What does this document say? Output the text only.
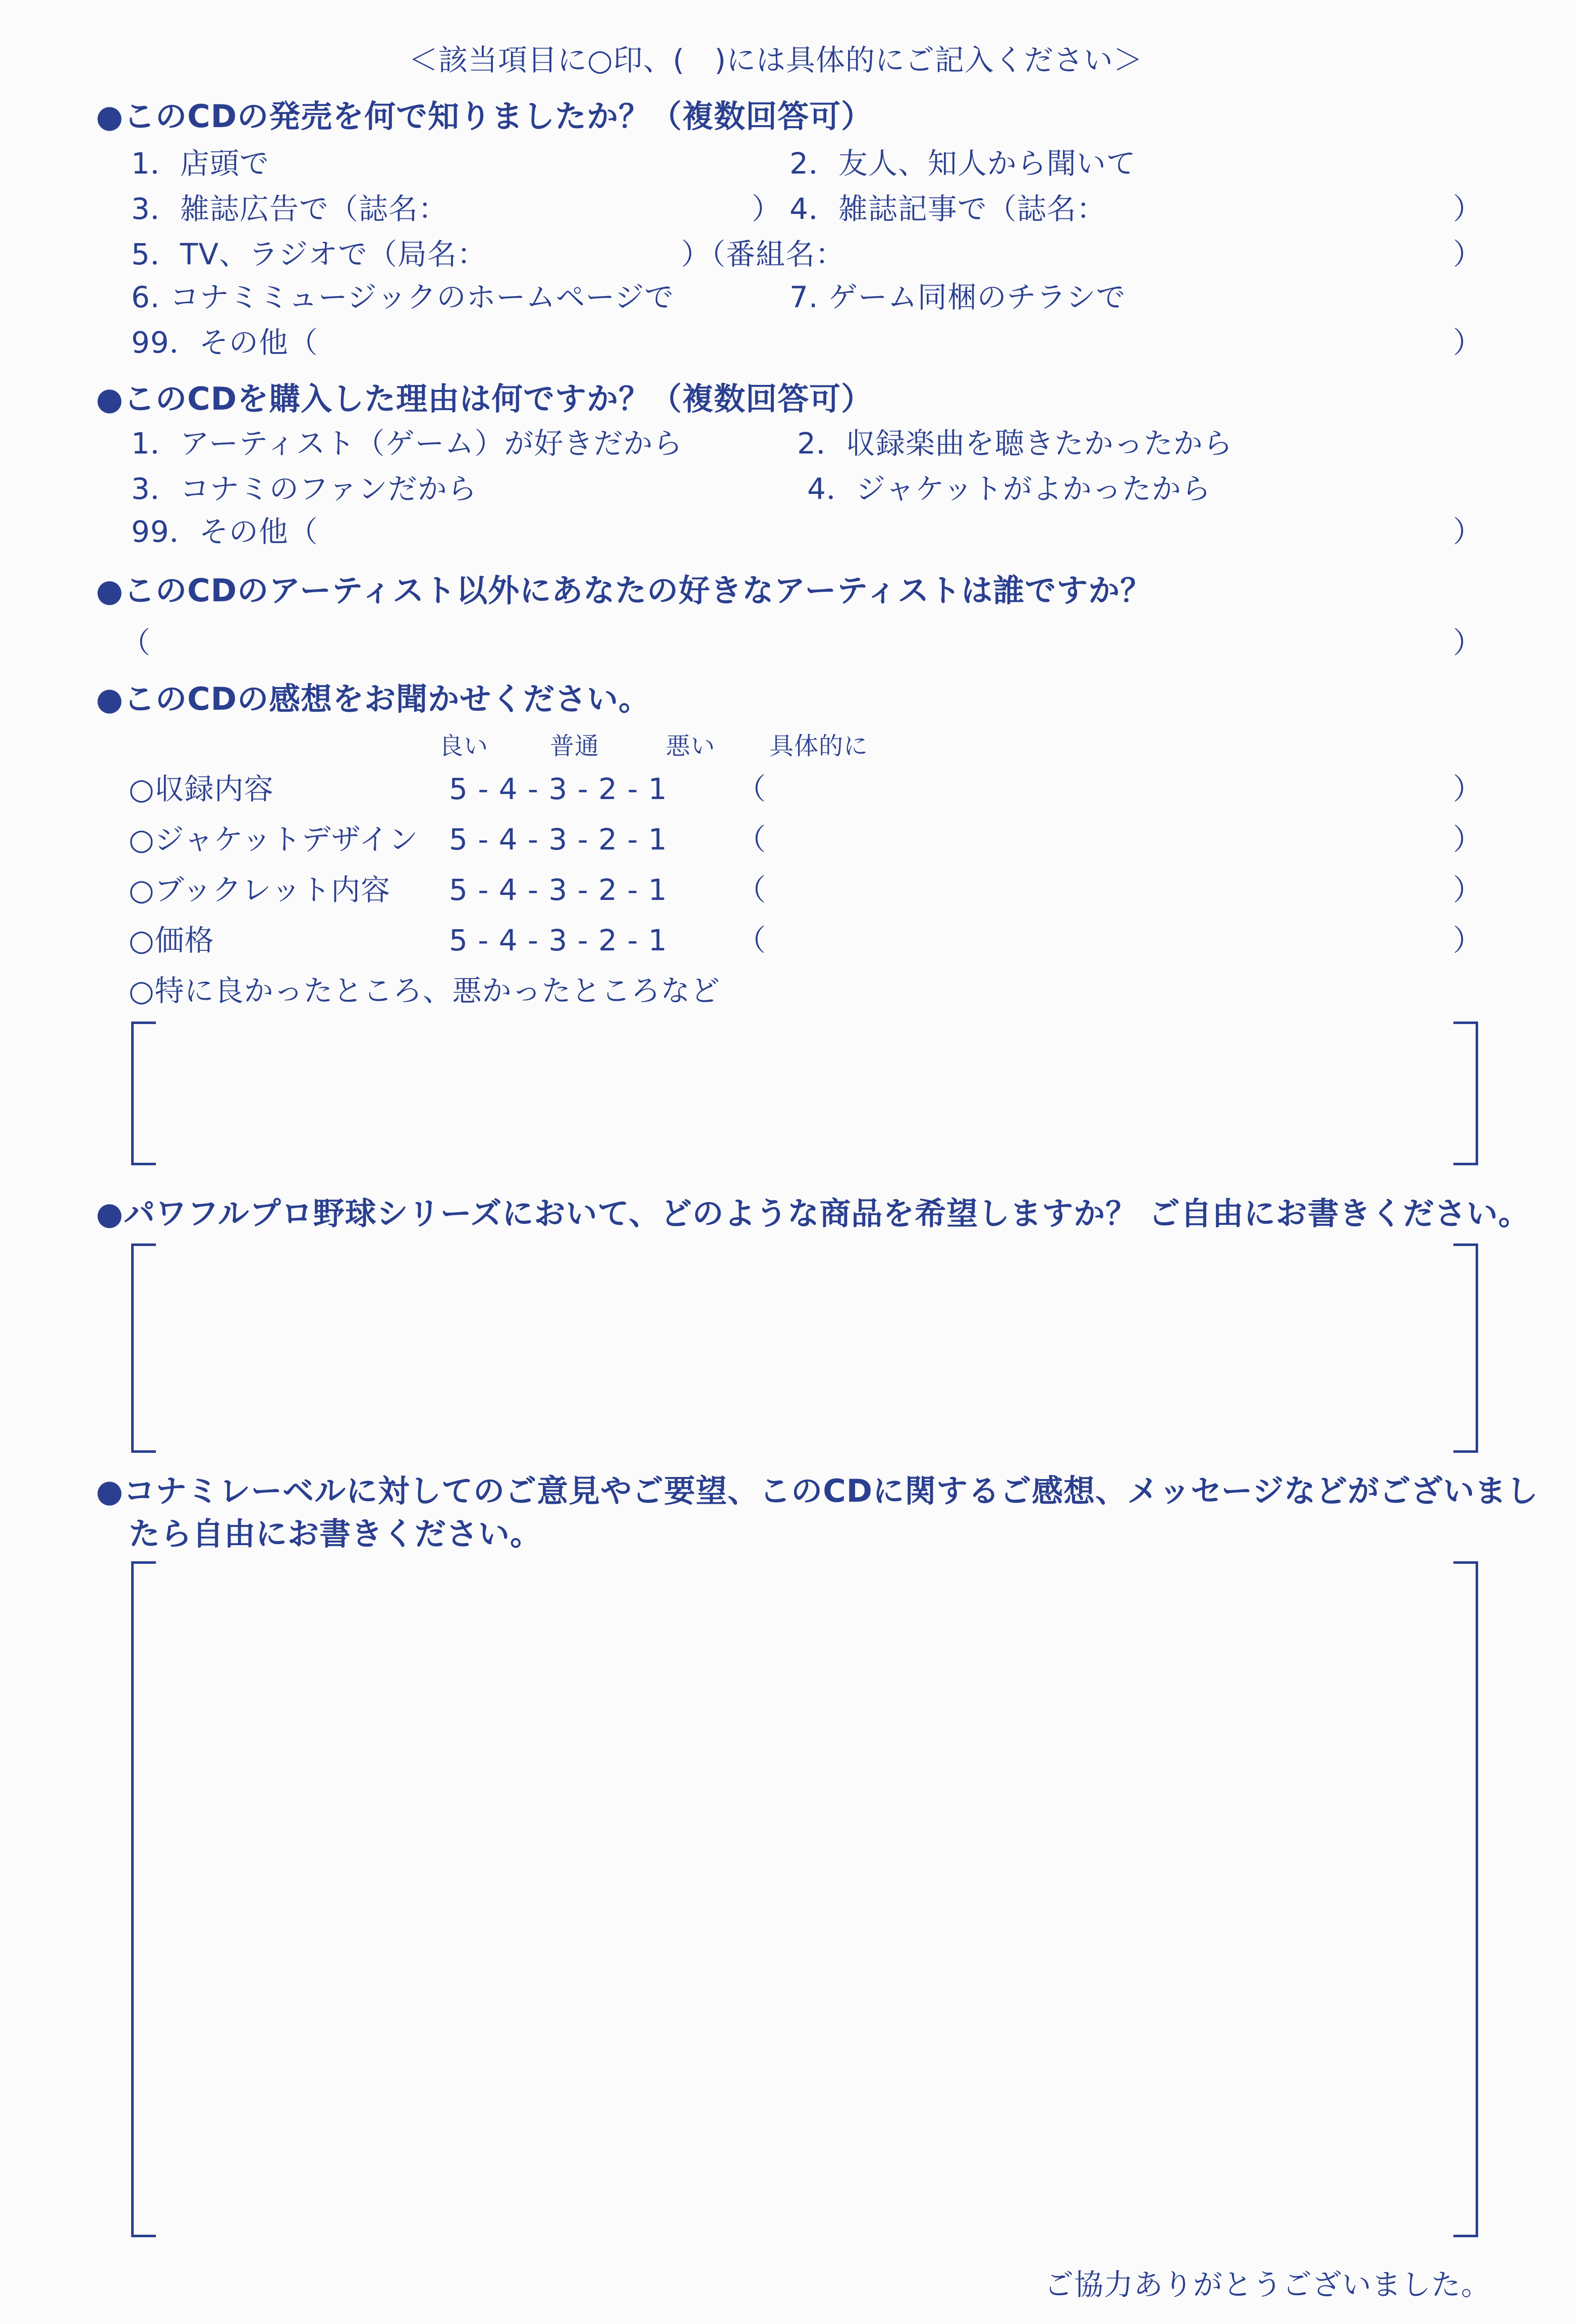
＜該当項目に○印、(　)には具体的にご記入ください＞
●このCDの発売を何で知りましたか？（複数回答可）
1．店頭で	2．友人、知人から聞いて
3．雑誌広告で（誌名：	） 4．雑誌記事で（誌名：	）
5．TV、ラジオで（局名：	）（番組名：	）
6. コナミミュージックのホームページで	7. ゲーム同梱のチラシで
99．その他（	）
●このCDを購入した理由は何ですか？（複数回答可）
1．アーティスト（ゲーム）が好きだから	2．収録楽曲を聴きたかったから
3．コナミのファンだから	4．ジャケットがよかったから
99．その他（	）
●このCDのアーティスト以外にあなたの好きなアーティストは誰ですか？
（	）
●このCDの感想をお聞かせください。
良い	普通	悪い 具体的に
○収録内容	5 - 4 - 3 - 2 - 1 （	）
○ジャケットデザイン 5 - 4 - 3 - 2 - 1 （	）
○ブックレット内容 5 - 4 - 3 - 2 - 1 （	）
○価格	5 - 4 - 3 - 2 - 1 （	）
○特に良かったところ、悪かったところなど
●パワフルプロ野球シリーズにおいて、どのような商品を希望しますか？ ご自由にお書きください。
●コナミレーベルに対してのご意見やご要望、このCDに関するご感想、メッセージなどがございまし
たら自由にお書きください。
ご協力ありがとうございました。
